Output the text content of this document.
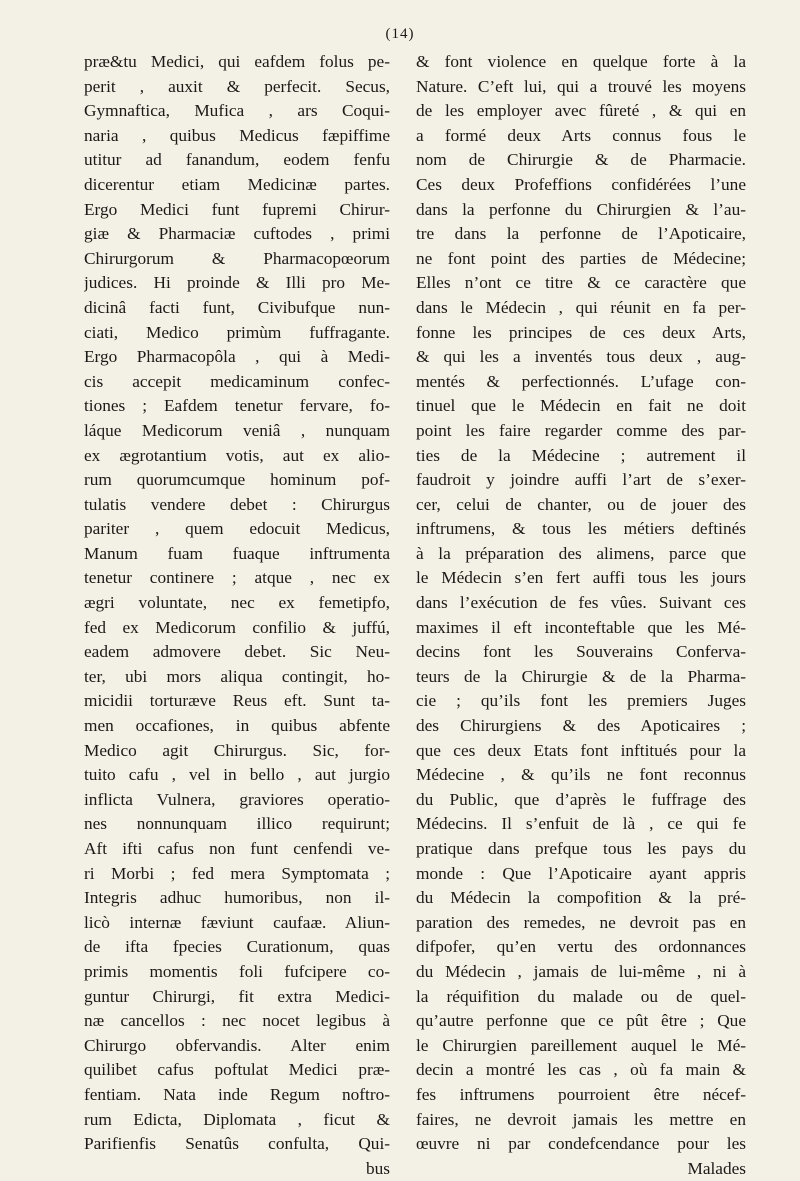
(14)
præ&tu Medici, qui eafdem folus pe-
perit , auxit & perfecit. Secus,
Gymnaftica, Mufica , ars Coqui-
naria , quibus Medicus fæpiffime
utitur ad fanandum, eodem fenfu
dicerentur etiam Medicinæ partes.
Ergo Medici funt fupremi Chirur-
giæ & Pharmaciæ cuftodes , primi
Chirurgorum & Pharmacopœorum
judices. Hi proinde & Illi pro Me-
dicinâ facti funt, Civibufque nun-
ciati, Medico primùm fuffragante.
Ergo Pharmacopôla , qui à Medi-
cis accepit medicaminum confec-
tiones ; Eafdem tenetur fervare, fo-
láque Medicorum veniâ , nunquam
ex ægrotantium votis, aut ex alio-
rum quorumcumque hominum pof-
tulatis vendere debet : Chirurgus
pariter , quem edocuit Medicus,
Manum fuam fuaque inftrumenta
tenetur continere ; atque , nec ex
ægri voluntate, nec ex femetipfo,
fed ex Medicorum confilio & juffú,
eadem admovere debet. Sic Neu-
ter, ubi mors aliqua contingit, ho-
micidii torturæve Reus eft. Sunt ta-
men occafiones, in quibus abfente
Medico agit Chirurgus. Sic, for-
tuito cafu , vel in bello , aut jurgio
inflicta Vulnera, graviores operatio-
nes nonnunquam illico requirunt;
Aft ifti cafus non funt cenfendi ve-
ri Morbi ; fed mera Symptomata ;
Integris adhuc humoribus, non il-
licò internæ fæviunt caufaæ. Aliun-
de ifta fpecies Curationum, quas
primis momentis foli fufcipere co-
guntur Chirurgi, fit extra Medici-
næ cancellos : nec nocet legibus à
Chirurgo obfervandis. Alter enim
quilibet cafus poftulat Medici præ-
fentiam. Nata inde Regum noftro-
rum Edicta, Diplomata , ficut &
Parifienfis Senatûs confulta, Qui-
bus
& font violence en quelque forte à la
Nature. C’eft lui, qui a trouvé les moyens
de les employer avec fûreté , & qui en
a formé deux Arts connus fous le
nom de Chirurgie & de Pharmacie.
Ces deux Profeffions confidérées l’une
dans la perfonne du Chirurgien & l’au-
tre dans la perfonne de l’Apoticaire,
ne font point des parties de Médecine;
Elles n’ont ce titre & ce caractère que
dans le Médecin , qui réunit en fa per-
fonne les principes de ces deux Arts,
& qui les a inventés tous deux , aug-
mentés & perfectionnés. L’ufage con-
tinuel que le Médecin en fait ne doit
point les faire regarder comme des par-
ties de la Médecine ; autrement il
faudroit y joindre auffi l’art de s’exer-
cer, celui de chanter, ou de jouer des
inftrumens, & tous les métiers deftinés
à la préparation des alimens, parce que
le Médecin s’en fert auffi tous les jours
dans l’exécution de fes vûes. Suivant ces
maximes il eft inconteftable que les Mé-
decins font les Souverains Conferva-
teurs de la Chirurgie & de la Pharma-
cie ; qu’ils font les premiers Juges
des Chirurgiens & des Apoticaires ;
que ces deux Etats font inftitués pour la
Médecine , & qu’ils ne font reconnus
du Public, que d’après le fuffrage des
Médecins. Il s’enfuit de là , ce qui fe
pratique dans prefque tous les pays du
monde : Que l’Apoticaire ayant appris
du Médecin la compofition & la pré-
paration des remedes, ne devroit pas en
difpofer, qu’en vertu des ordonnances
du Médecin , jamais de lui-même , ni à
la réquifition du malade ou de quel-
qu’autre perfonne que ce pût être ; Que
le Chirurgien pareillement auquel le Mé-
decin a montré les cas , où fa main &
fes inftrumens pourroient être nécef-
faires, ne devroit jamais les mettre en
œuvre ni par condefcendance pour les
Malades
